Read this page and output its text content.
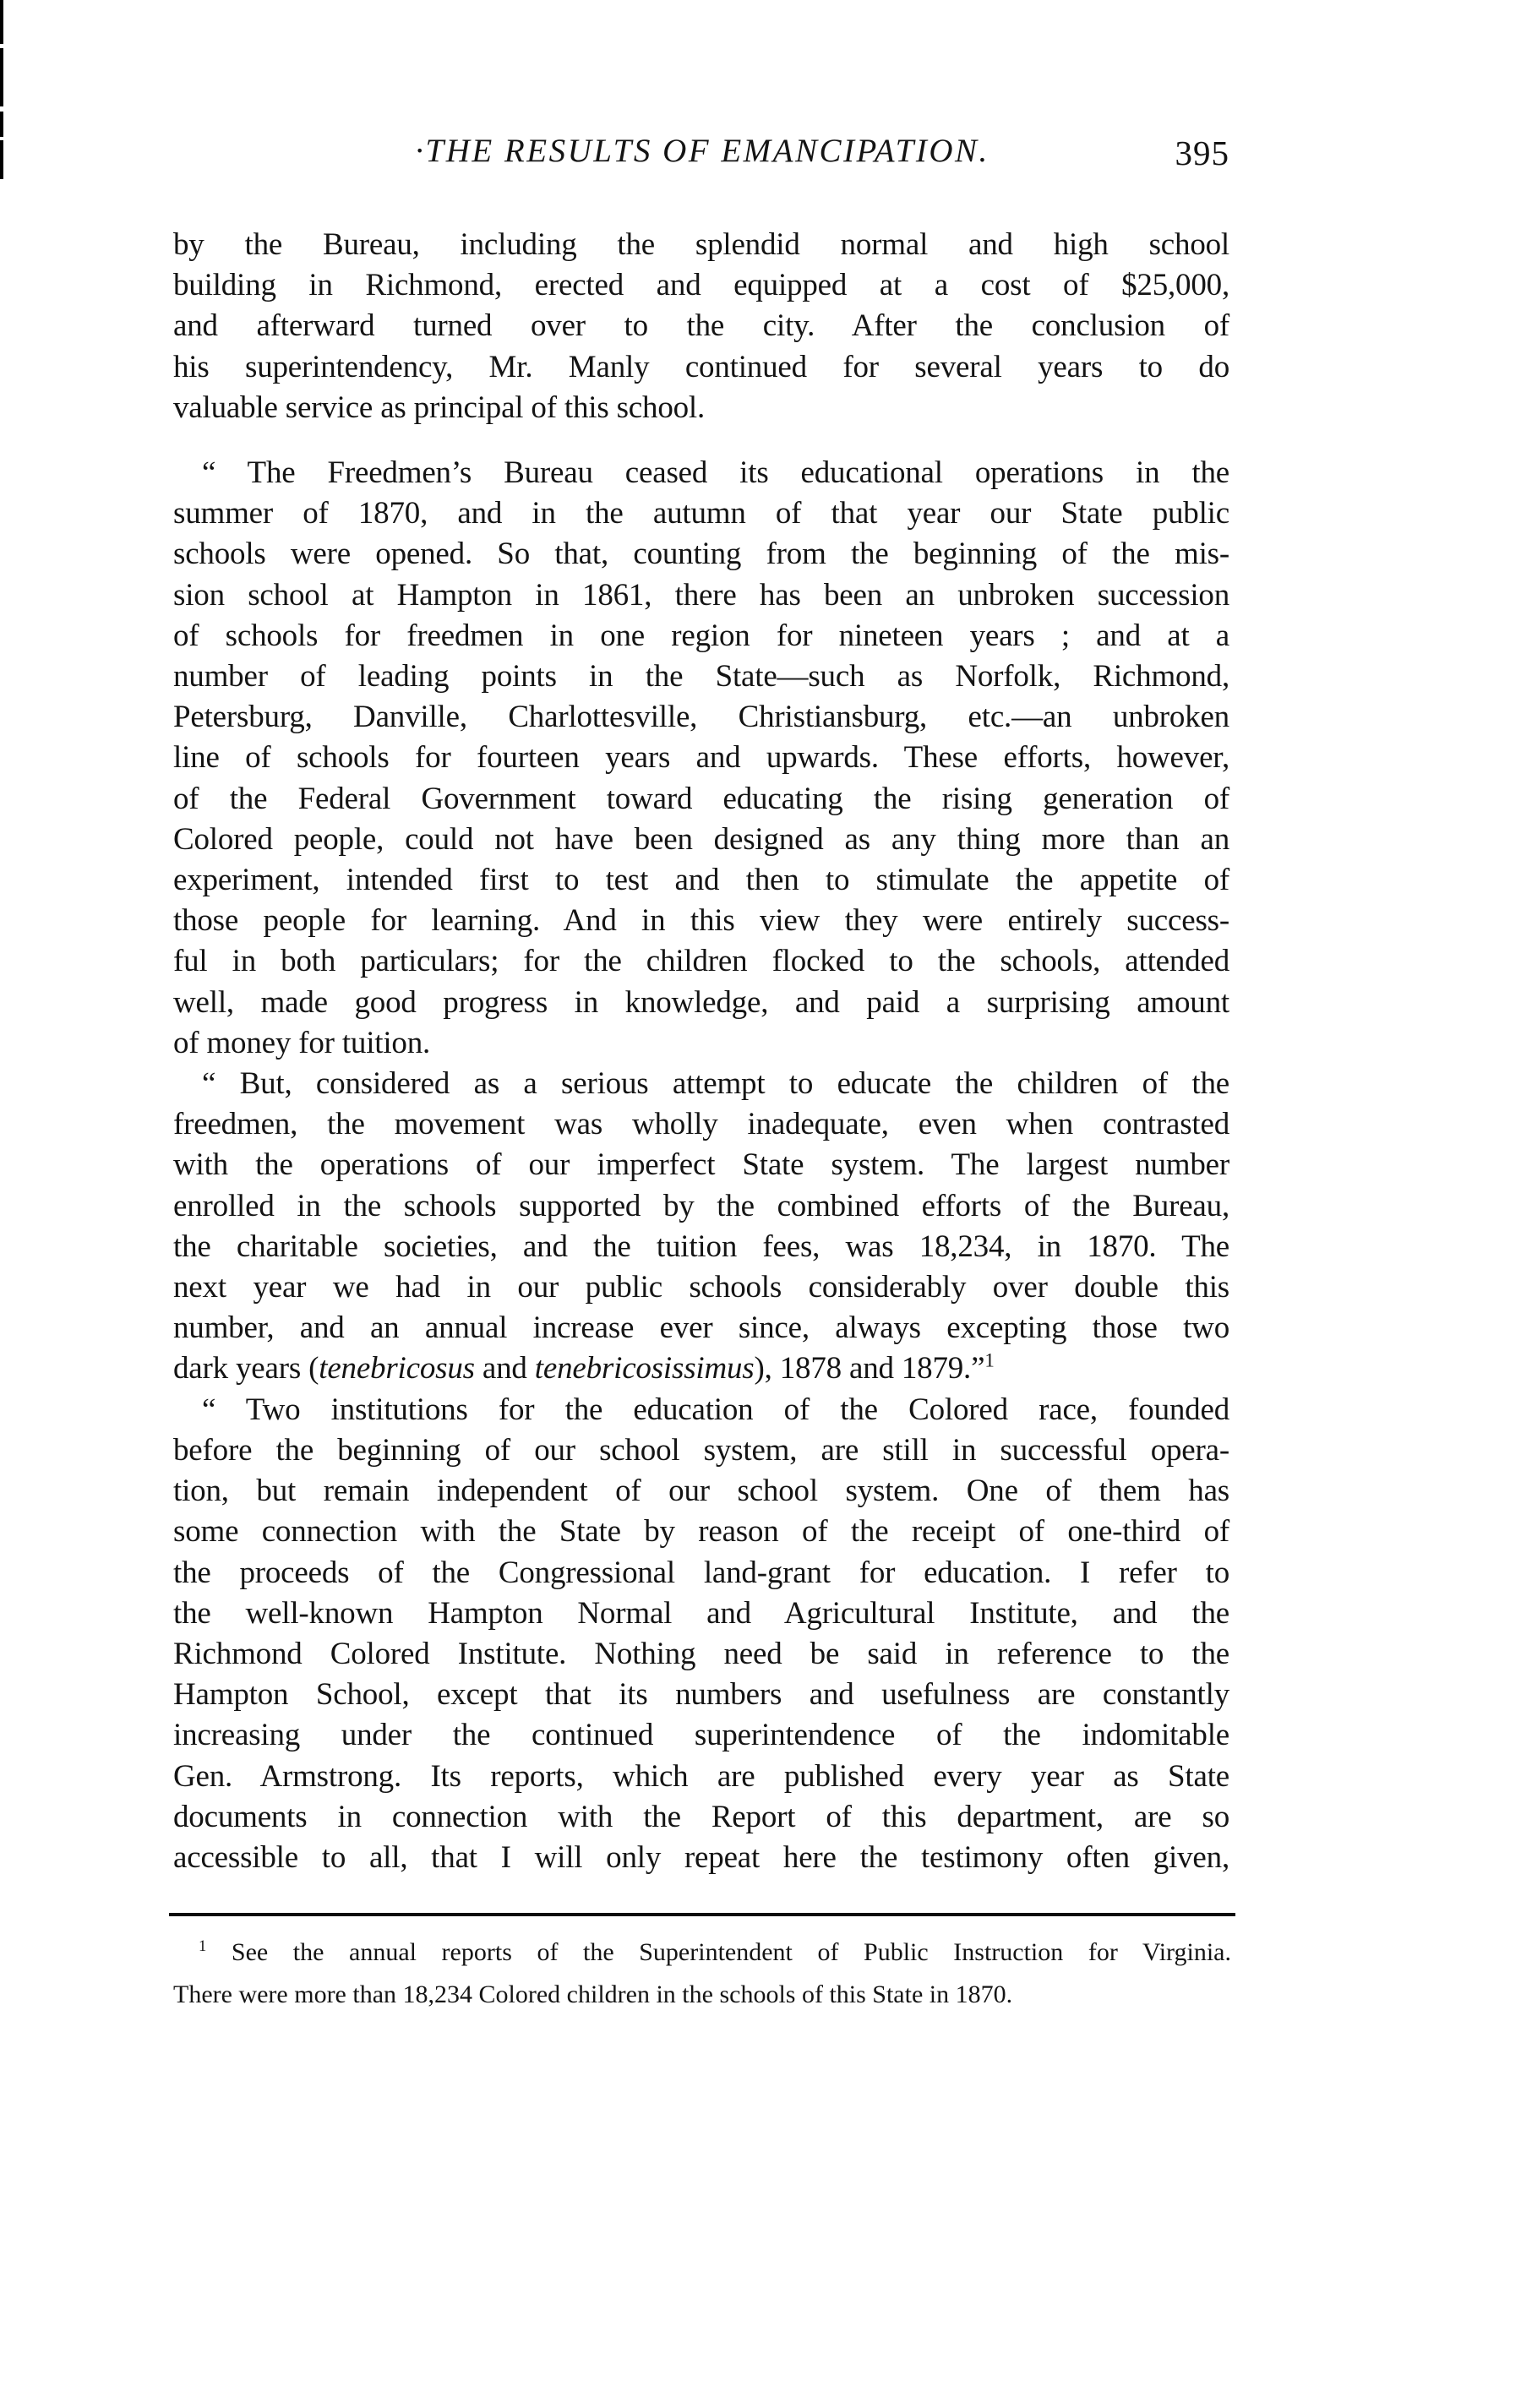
·THE RESULTS OF EMANCIPATION.	395
by the Bureau, including the splendid normal and high school
building in Richmond, erected and equipped at a cost of $25,000,
and afterward turned over to the city. After the conclusion of
his superintendency, Mr. Manly continued for several years to do
valuable service as principal of this school.
“ The Freedmen’s Bureau ceased its educational operations in the
summer of 1870, and in the autumn of that year our State public
schools were opened. So that, counting from the beginning of the mis-
sion school at Hampton in 1861, there has been an unbroken succession
of schools for freedmen in one region for nineteen years ; and at a
number of leading points in the State—such as Norfolk, Richmond,
Petersburg, Danville, Charlottesville, Christiansburg, etc.—an unbroken
line of schools for fourteen years and upwards. These efforts, however,
of the Federal Government toward educating the rising generation of
Colored people, could not have been designed as any thing more than an
experiment, intended first to test and then to stimulate the appetite of
those people for learning. And in this view they were entirely success-
ful in both particulars; for the children flocked to the schools, attended
well, made good progress in knowledge, and paid a surprising amount
of money for tuition.
“ But, considered as a serious attempt to educate the children of the
freedmen, the movement was wholly inadequate, even when contrasted
with the operations of our imperfect State system. The largest number
enrolled in the schools supported by the combined efforts of the Bureau,
the charitable societies, and the tuition fees, was 18,234, in 1870. The
next year we had in our public schools considerably over double this
number, and an annual increase ever since, always excepting those two
dark years (tenebricosus and tenebricosissimus), 1878 and 1879.”$^1$
“ Two institutions for the education of the Colored race, founded
before the beginning of our school system, are still in successful opera-
tion, but remain independent of our school system. One of them has
some connection with the State by reason of the receipt of one-third of
the proceeds of the Congressional land-grant for education. I refer to
the well-known Hampton Normal and Agricultural Institute, and the
Richmond Colored Institute. Nothing need be said in reference to the
Hampton School, except that its numbers and usefulness are constantly
increasing under the continued superintendence of the indomitable
Gen. Armstrong. Its reports, which are published every year as State
documents in connection with the Report of this department, are so
accessible to all, that I will only repeat here the testimony often given,
$^1$ See the annual reports of the Superintendent of Public Instruction for Virginia.
There were more than 18,234 Colored children in the schools of this State in 1870.
